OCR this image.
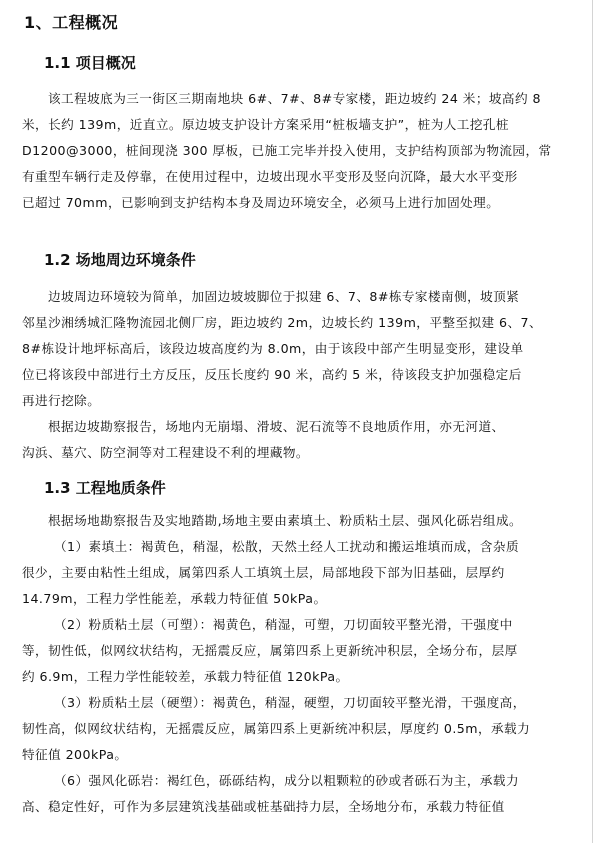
1、工程概况
1.1 项目概况
该工程坡底为三一街区三期南地块 6#、7#、8#专家楼，距边坡约 24 米；坡高约 8
米，长约 139m，近直立。原边坡支护设计方案采用“桩板墙支护”，桩为人工挖孔桩
D1200@3000，桩间现浇 300 厚板，已施工完毕并投入使用，支护结构顶部为物流园，常
有重型车辆行走及停靠，在使用过程中，边坡出现水平变形及竖向沉降，最大水平变形
已超过 70mm，已影响到支护结构本身及周边环境安全，必须马上进行加固处理。
1.2 场地周边环境条件
边坡周边环境较为简单，加固边坡坡脚位于拟建 6、7、8#栋专家楼南侧，坡顶紧
邻星沙湘绣城汇隆物流园北侧厂房，距边坡约 2m，边坡长约 139m，平整至拟建 6、7、
8#栋设计地坪标高后，该段边坡高度约为 8.0m，由于该段中部产生明显变形，建设单
位已将该段中部进行土方反压，反压长度约 90 米，高约 5 米，待该段支护加强稳定后
再进行挖除。
根据边坡勘察报告，场地内无崩塌、滑坡、泥石流等不良地质作用，亦无河道、
沟浜、墓穴、防空洞等对工程建设不利的埋藏物。
1.3 工程地质条件
根据场地勘察报告及实地踏勘,场地主要由素填土、粉质粘土层、强风化砾岩组成。
（1）素填土：褐黄色，稍湿，松散，天然土经人工扰动和搬运堆填而成，含杂质
很少，主要由粘性土组成，属第四系人工填筑土层，局部地段下部为旧基础，层厚约
14.79m，工程力学性能差，承载力特征值 50kPa。
（2）粉质粘土层（可塑）：褐黄色，稍湿，可塑，刀切面较平整光滑，干强度中
等，韧性低，似网纹状结构，无摇震反应，属第四系上更新统冲积层，全场分布，层厚
约 6.9m，工程力学性能较差，承载力特征值 120kPa。
（3）粉质粘土层（硬塑）：褐黄色，稍湿，硬塑，刀切面较平整光滑，干强度高，
韧性高，似网纹状结构，无摇震反应，属第四系上更新统冲积层，厚度约 0.5m，承载力
特征值 200kPa。
（6）强风化砾岩：褐红色，砾砾结构，成分以粗颗粒的砂或者砾石为主，承载力
高、稳定性好，可作为多层建筑浅基础或桩基础持力层，全场地分布，承载力特征值
